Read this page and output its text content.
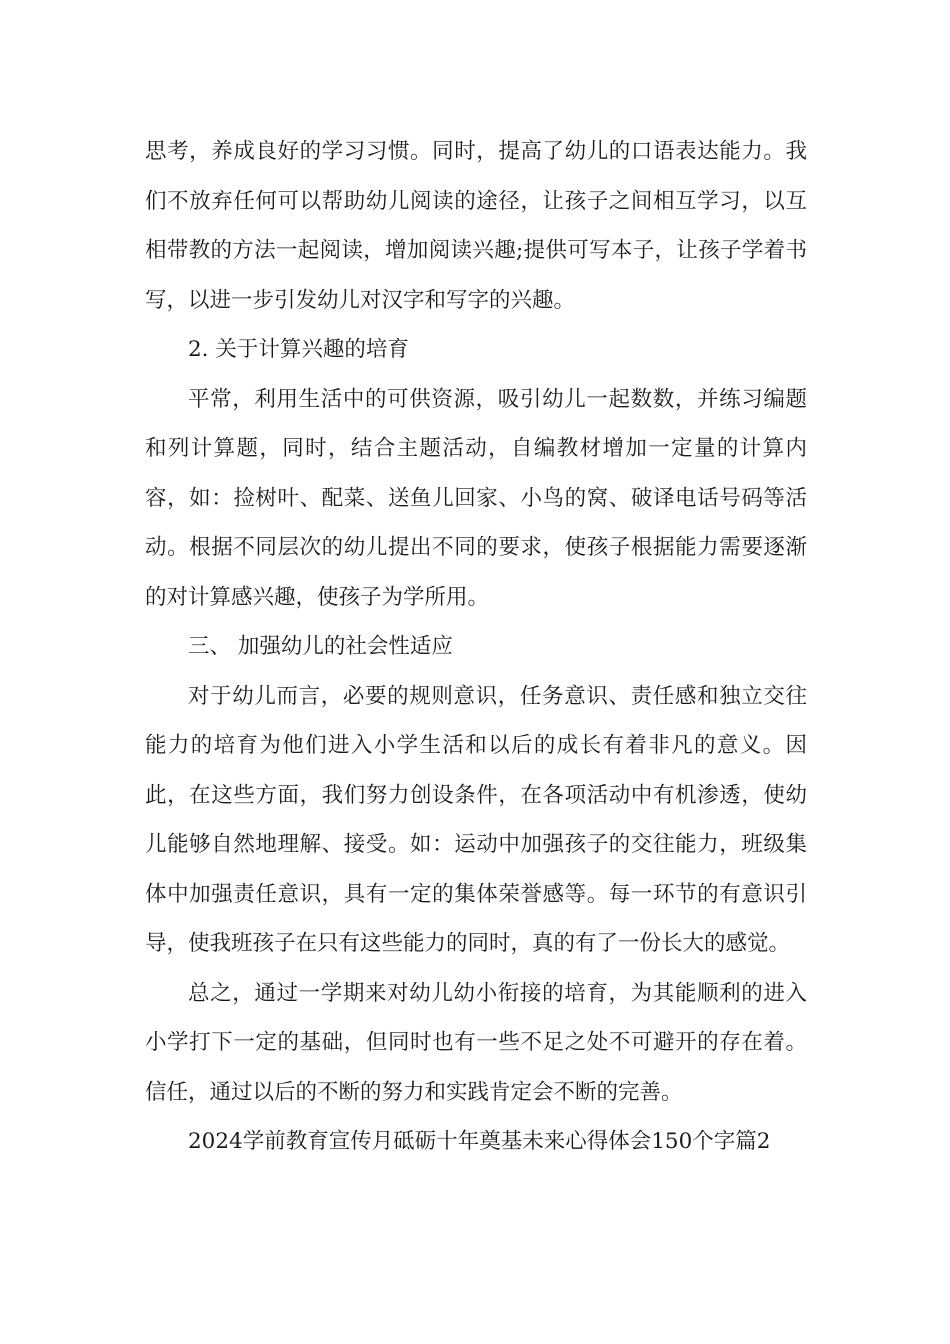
思考，养成良好的学习习惯。同时，提高了幼儿的口语表达能力。我们不放弃任何可以帮助幼儿阅读的途径，让孩子之间相互学习，以互相带教的方法一起阅读，增加阅读兴趣;提供可写本子，让孩子学着书写，以进一步引发幼儿对汉字和写字的兴趣。

2. 关于计算兴趣的培育

平常，利用生活中的可供资源，吸引幼儿一起数数，并练习编题和列计算题，同时，结合主题活动，自编教材增加一定量的计算内容，如：捡树叶、配菜、送鱼儿回家、小鸟的窝、破译电话号码等活动。根据不同层次的幼儿提出不同的要求，使孩子根据能力需要逐渐的对计算感兴趣，使孩子为学所用。

三、 加强幼儿的社会性适应

对于幼儿而言，必要的规则意识，任务意识、责任感和独立交往能力的培育为他们进入小学生活和以后的成长有着非凡的意义。因此，在这些方面，我们努力创设条件，在各项活动中有机渗透，使幼儿能够自然地理解、接受。如：运动中加强孩子的交往能力，班级集体中加强责任意识，具有一定的集体荣誉感等。每一环节的有意识引导，使我班孩子在只有这些能力的同时，真的有了一份长大的感觉。

总之，通过一学期来对幼儿幼小衔接的培育，为其能顺利的进入小学打下一定的基础，但同时也有一些不足之处不可避开的存在着。信任，通过以后的不断的努力和实践肯定会不断的完善。

2024学前教育宣传月砥砺十年奠基未来心得体会150个字篇2
